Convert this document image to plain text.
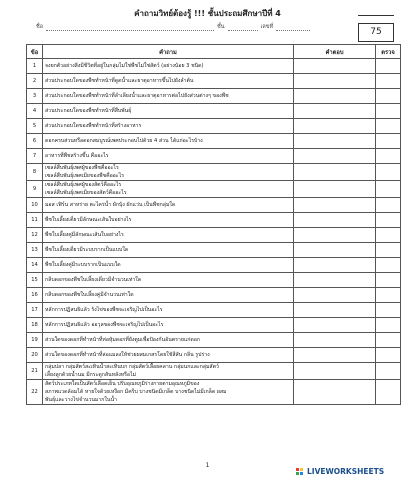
คำถามวิทย์ต้องรู้ !!! ชั้นประถมศึกษาปีที่ 4
ชื่อ	ชั้น	เลขที่	75
ข้อ	คำถาม	คำตอบ	ตรวจ
1	จงยกตัวอย่างสิ่งมีชีวิตที่อยู่ในกลุ่มไม่ใช่พืชไม่ใช่สัตว์ (อย่างน้อย 3 ชนิด)		

2	ส่วนประกอบใดของพืชทำหน้าที่ดูดน้ำและธาตุอาหารขึ้นไปยังลำต้น		

3	ส่วนประกอบใดของพืชทำหน้าที่ลำเลียงน้ำและธาตุอาหารต่อไปยังส่วนต่างๆ ของพืช		

4	ส่วนประกอบใดของพืชทำหน้าที่สืบพันธุ์		

5	ส่วนประกอบใดของพืชทำหน้าที่สร้างอาหาร		

6	ดอกครบส่วนหรือดอกสมบูรณ์เพศประกอบไปด้วย 4 ส่วน ได้แก่อะไรบ้าง		

7	อาหารที่พืชสร้างขึ้น คืออะไร		

8	เซลล์สืบพันธุ์เพศผู้ของพืชคืออะไร
เซลล์สืบพันธุ์เพศเมียของพืชคืออะไร		

9	เซลล์สืบพันธุ์เพศผู้ของสัตว์คืออะไร
เซลล์สืบพันธุ์เพศเมียของสัตว์คืออะไร		

10	มอส เฟิร์น สาหร่าย ตะไคร่น้ำ ผักบุ้ง ผักแว่น เป็นพืชกลุ่มใด		

11	พืชใบเลี้ยงเดี่ยวมีลักษณะเส้นใบอย่างไร		

12	พืชใบเลี้ยงคู่มีลักษณะเส้นใบอย่างไร		

13	พืชใบเลี้ยงเดี่ยวมีระบบรากเป็นแบบใด		

14	พืชใบเลี้ยงคู่มีระบบรากเป็นแบบใด		

15	กลีบดอกของพืชใบเลี้ยงเดี่ยวมีจำนวนเท่าใด		

16	กลีบดอกของพืชใบเลี้ยงคู่มีจำนวนเท่าใด		

17	หลักการปฏิสนธิแล้ว รังไข่ของพืชจะเจริญไปเป็นอะไร		

18	หลักการปฏิสนธิแล้ว ออวุลของพืชจะเจริญไปเป็นอะไร		

19	ส่วนใดของดอกที่ทำหน้าที่ห่อหุ้มดอกที่ยังตูมเพื่อป้องกันอันตรายแก่ดอก		

20	ส่วนใดของดอกที่ทำหน้าที่ล่อแมลงให้ช่วยผสมเกสรโดยใช้สีสัน กลิ่น รูปร่าง		

21	กลุ่มปลา กลุ่มสัตว์สะเทินน้ำสะเทินบก กลุ่มสัตว์เลื้อยคลาน กลุ่มนกและกลุ่มสัตว์
เลี้ยงลูกด้วยน้ำนม มีกระดูกสันหลังหรือไม่		

22	สัตว์ประเภทใดเป็นสัตว์เลือดเย็น ปรับอุณหภูมิร่างกายตามอุณหภูมิของ
สภาพแวดล้อมได้ หายใจด้วยเหงือก มีครีบ บางชนิดมีเกล็ด บางชนิดไม่มีเกล็ด ผสม
พันธุ์และวางไข่จำนวนมากในน้ำ		

1
LIVEWORKSHEETS
